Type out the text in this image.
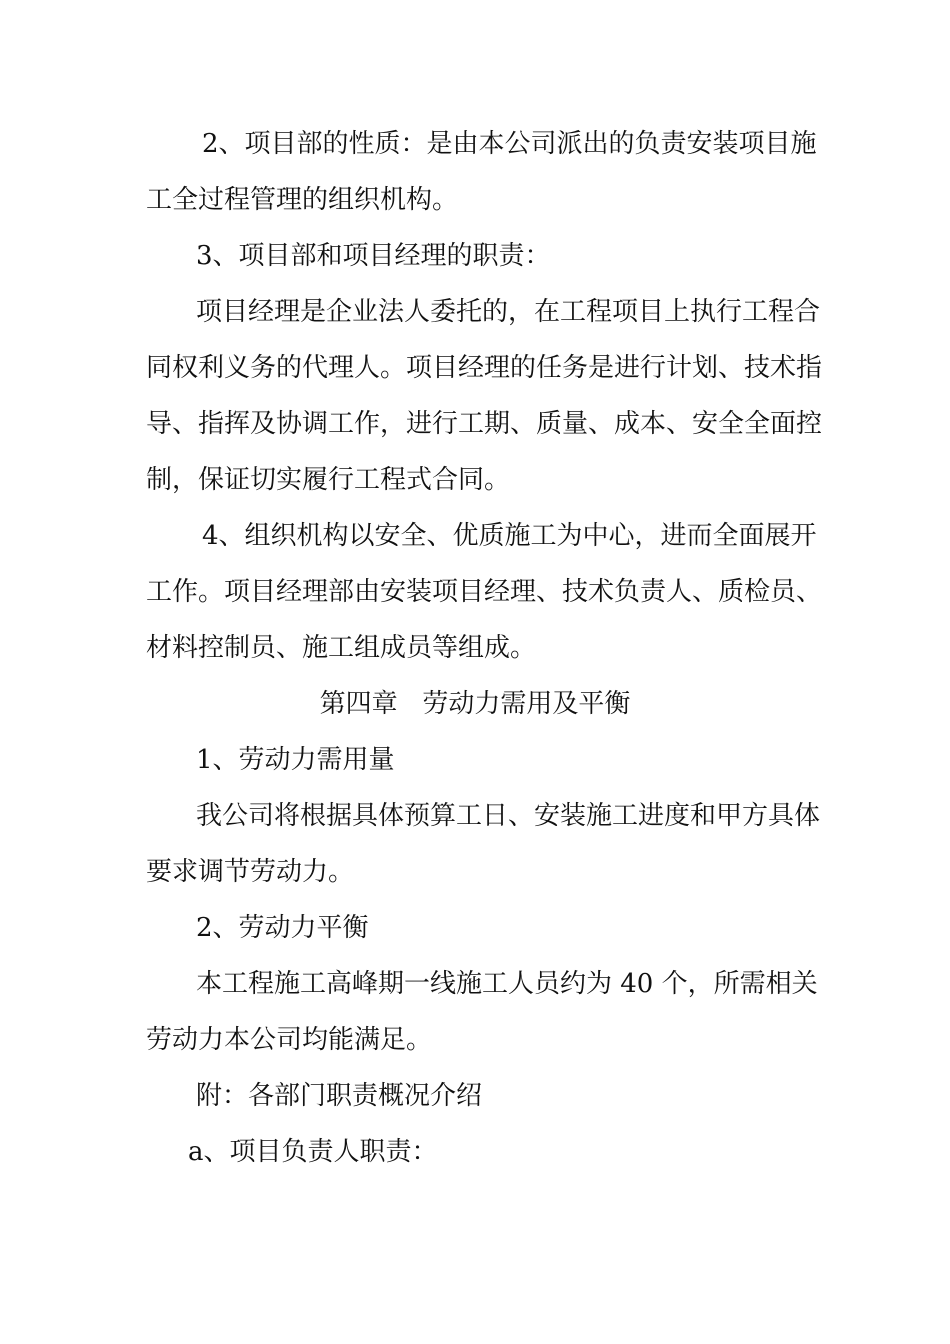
2、项目部的性质：是由本公司派出的负责安装项目施
工全过程管理的组织机构。
3、项目部和项目经理的职责：
项目经理是企业法人委托的，在工程项目上执行工程合
同权利义务的代理人。项目经理的任务是进行计划、技术指
导、指挥及协调工作，进行工期、质量、成本、安全全面控
制，保证切实履行工程式合同。
4、组织机构以安全、优质施工为中心，进而全面展开
工作。项目经理部由安装项目经理、技术负责人、质检员、
材料控制员、施工组成员等组成。
第四章   劳动力需用及平衡
1、劳动力需用量
我公司将根据具体预算工日、安装施工进度和甲方具体
要求调节劳动力。
2、劳动力平衡
本工程施工高峰期一线施工人员约为 40 个，所需相关
劳动力本公司均能满足。
附：各部门职责概况介绍
a、项目负责人职责：
